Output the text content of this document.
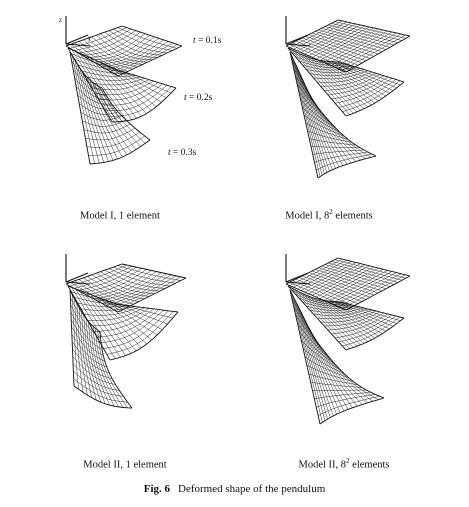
z
y	t = 0.1s
t = 0.2s
t = 0.3s
Model I, 1 element	Model I, $8^2$ elements
Model II, 1 element	Model II, $8^2$ elements
Fig. 6 Deformed shape of the pendulum
